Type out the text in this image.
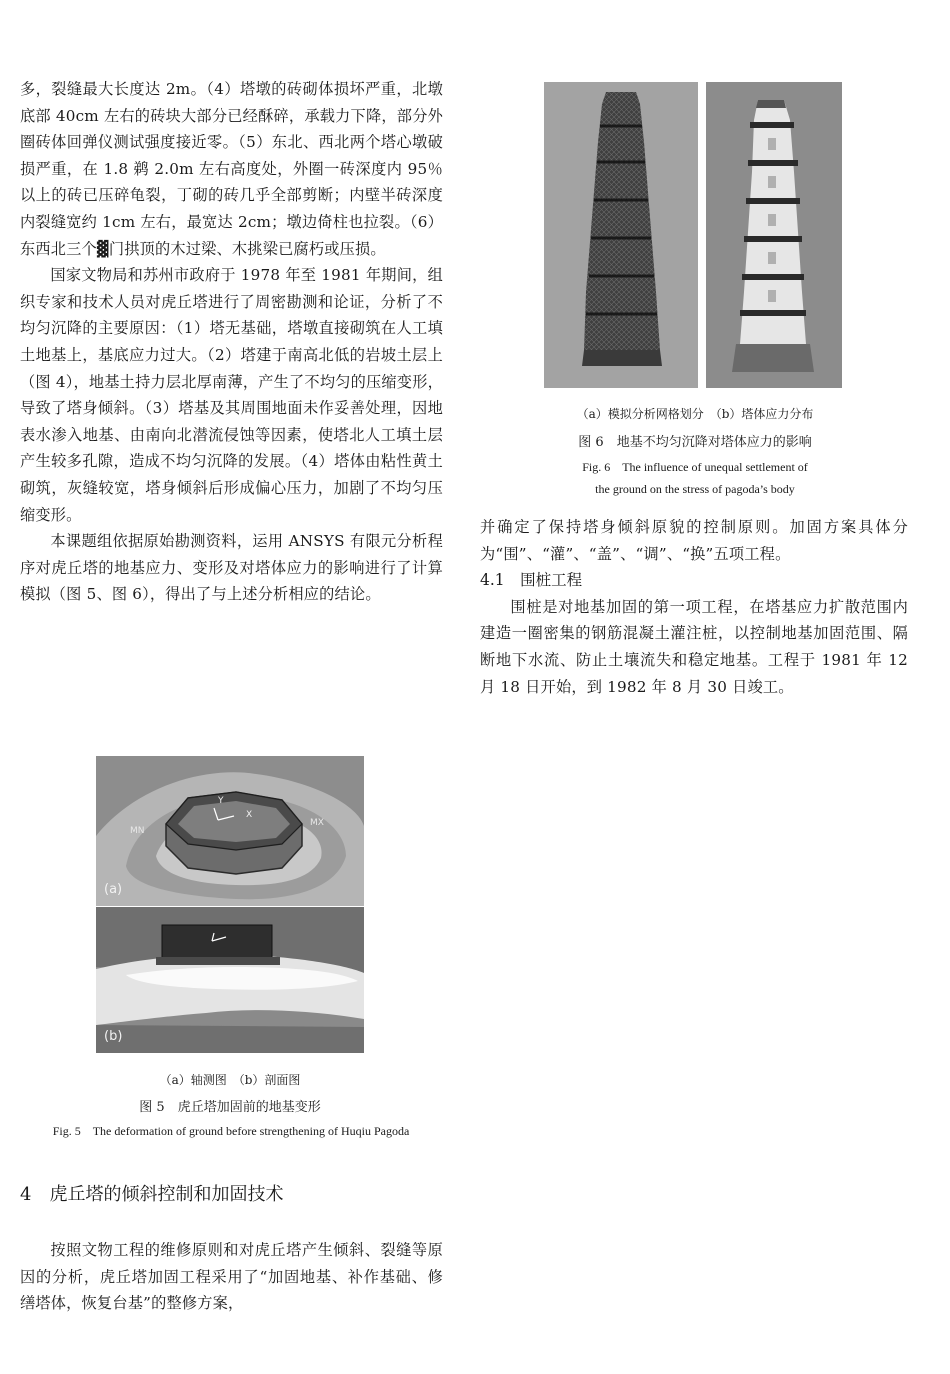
多，裂缝最大长度达 2m。（4）塔墩的砖砌体损坏严重，北墩底部 40cm 左右的砖块大部分已经酥碎，承载力下降，部分外圈砖体回弹仪测试强度接近零。（5）东北、西北两个塔心墩破损严重，在 1.8 鹈 2.0m 左右高度处，外圈一砖深度内 95％以上的砖已压碎龟裂，丁砌的砖几乎全部剪断；内壁半砖深度内裂缝宽约 1cm 左右，最宽达 2cm；墩边倚柱也拉裂。（6）东西北三个▓门拱顶的木过梁、木挑梁已腐朽或压损。

国家文物局和苏州市政府于 1978 年至 1981 年期间，组织专家和技术人员对虎丘塔进行了周密勘测和论证，分析了不均匀沉降的主要原因：（1）塔无基础，塔墩直接砌筑在人工填土地基上，基底应力过大。（2）塔建于南高北低的岩坡土层上（图 4），地基土持力层北厚南薄，产生了不均匀的压缩变形，导致了塔身倾斜。（3）塔基及其周围地面未作妥善处理，因地表水渗入地基、由南向北潜流侵蚀等因素，使塔北人工填土层产生较多孔隙，造成不均匀沉降的发展。（4）塔体由粘性黄土砌筑，灰缝较宽，塔身倾斜后形成偏心压力，加剧了不均匀压缩变形。

本课题组依据原始勘测资料，运用 ANSYS 有限元分析程序对虎丘塔的地基应力、变形及对塔体应力的影响进行了计算模拟（图 5、图 6），得出了与上述分析相应的结论。

Y
X
MN
MX
(a)
(b)

（a）轴测图　（b）剖面图

图 5　虎丘塔加固前的地基变形

Fig. 5　The deformation of ground before strengthening of Huqiu Pagoda

4　虎丘塔的倾斜控制和加固技术

按照文物工程的维修原则和对虎丘塔产生倾斜、裂缝等原因的分析，虎丘塔加固工程采用了“加固地基、补作基础、修缮塔体，恢复台基”的整修方案，

（a）模拟分析网格划分　（b）塔体应力分布

图 6　地基不均匀沉降对塔体应力的影响

Fig. 6　The influence of unequal settlement of

the ground on the stress of pagoda’s body

并确定了保持塔身倾斜原貌的控制原则。加固方案具体分为“围”、“灌”、“盖”、“调”、“换”五项工程。

4.1　围桩工程

围桩是对地基加固的第一项工程，在塔基应力扩散范围内建造一圈密集的钢筋混凝土灌注桩，以控制地基加固范围、隔断地下水流、防止土壤流失和稳定地基。工程于 1981 年 12 月 18 日开始，到 1982 年 8 月 30 日竣工。
